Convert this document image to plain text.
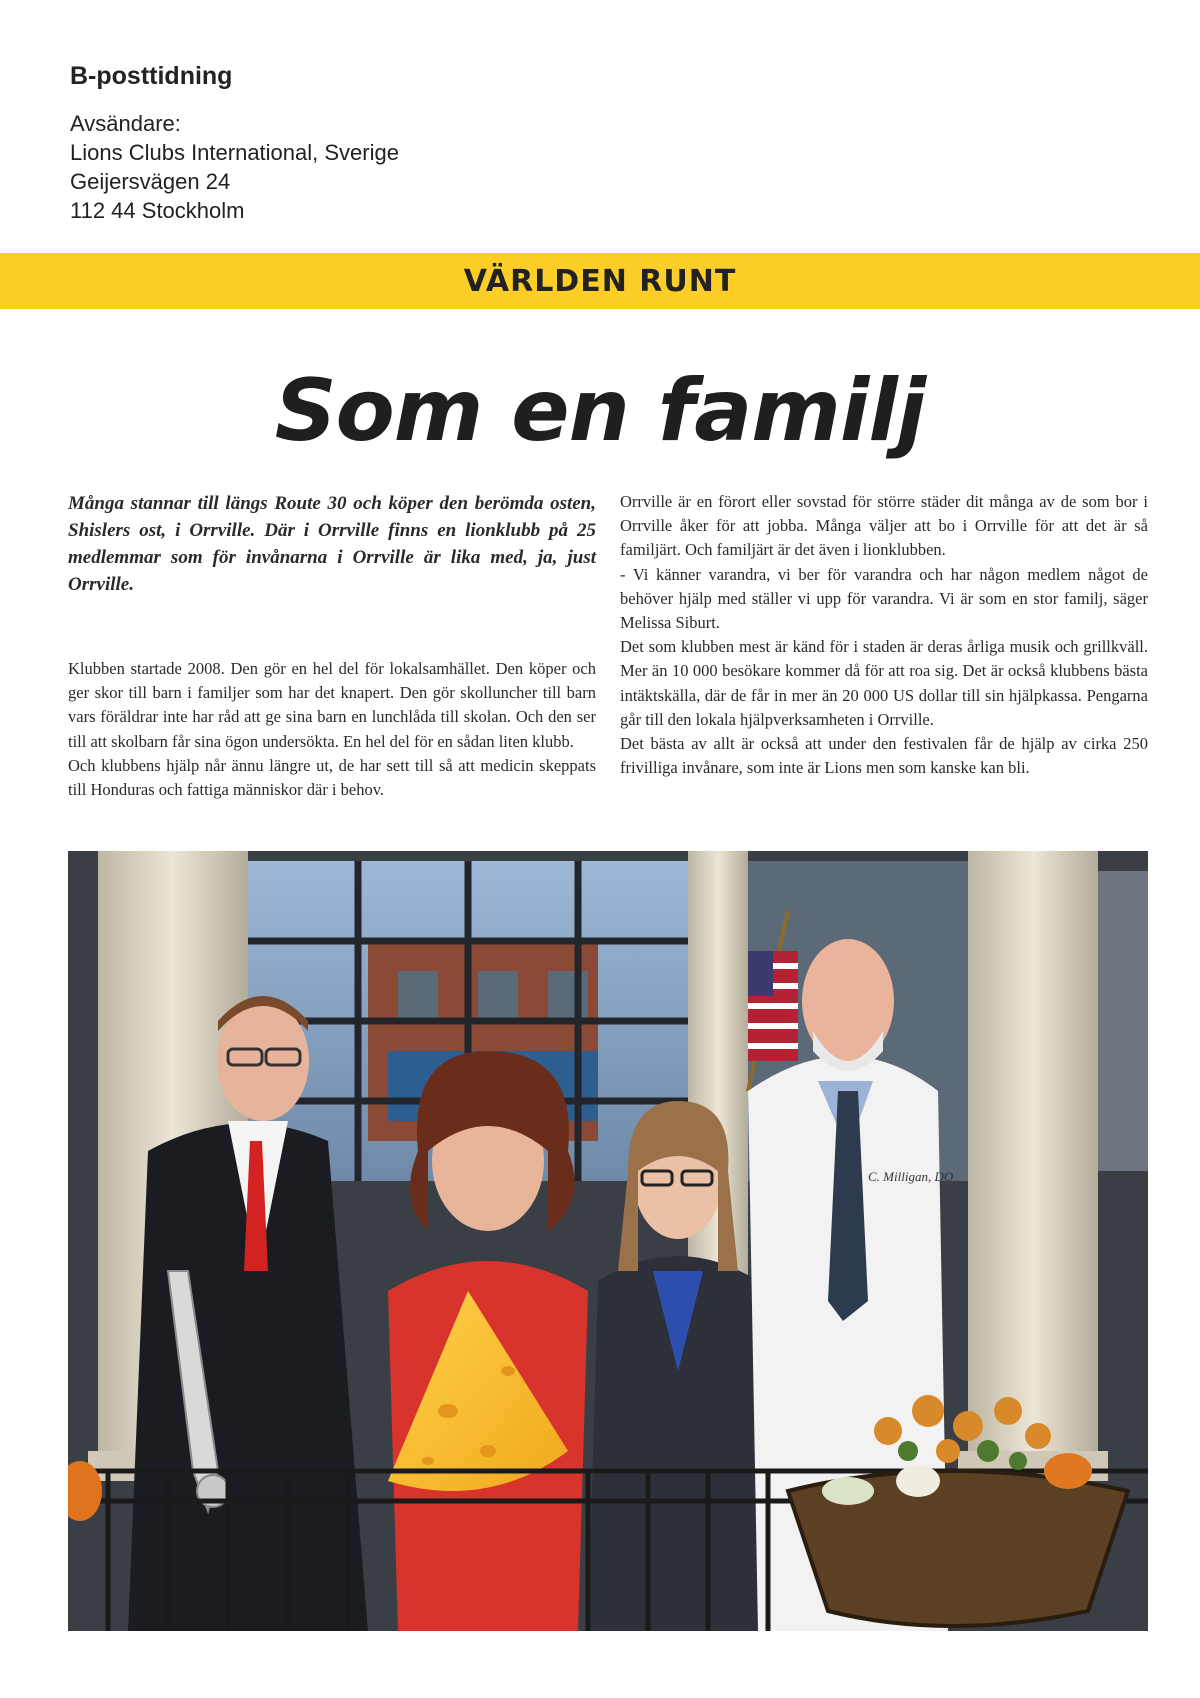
B-posttidning
Avsändare:
Lions Clubs International, Sverige
Geijersvägen 24
112 44 Stockholm
VÄRLDEN RUNT
Som en familj
Många stannar till längs Route 30 och köper den berömda osten, Shislers ost, i Orrville. Där i Orrville finns en lionklubb på 25 medlemmar som för invånarna i Orrville är lika med, ja, just Orrville.

Klubben startade 2008. Den gör en hel del för lokalsamhället. Den köper och ger skor till barn i familjer som har det knapert. Den gör skolluncher till barn vars föräldrar inte har råd att ge sina barn en lunchlåda till skolan. Och den ser till att skolbarn får sina ögon undersökta. En hel del för en sådan liten klubb.

Och klubbens hjälp når ännu längre ut, de har sett till så att medicin skeppats till Honduras och fattiga människor där i behov.

Orrville är en förort eller sovstad för större städer dit många av de som bor i Orrville åker för att jobba. Många väljer att bo i Orrville för att det är så familjärt. Och familjärt är det även i lionklubben.

- Vi känner varandra, vi ber för varandra och har någon medlem något de behöver hjälp med ställer vi upp för varandra. Vi är som en stor familj, säger Melissa Siburt.

Det som klubben mest är känd för i staden är deras årliga musik och grillkväll. Mer än 10 000 besökare kommer då för att roa sig. Det är också klubbens bästa intäktskälla, där de får in mer än 20 000 US dollar till sin hjälpkassa. Pengarna går till den lokala hjälpverksamheten i Orrville.

Det bästa av allt är också att under den festivalen får de hjälp av cirka 250 frivilliga invånare, som inte är Lions men som kanske kan bli.

C. Milligan, DO
